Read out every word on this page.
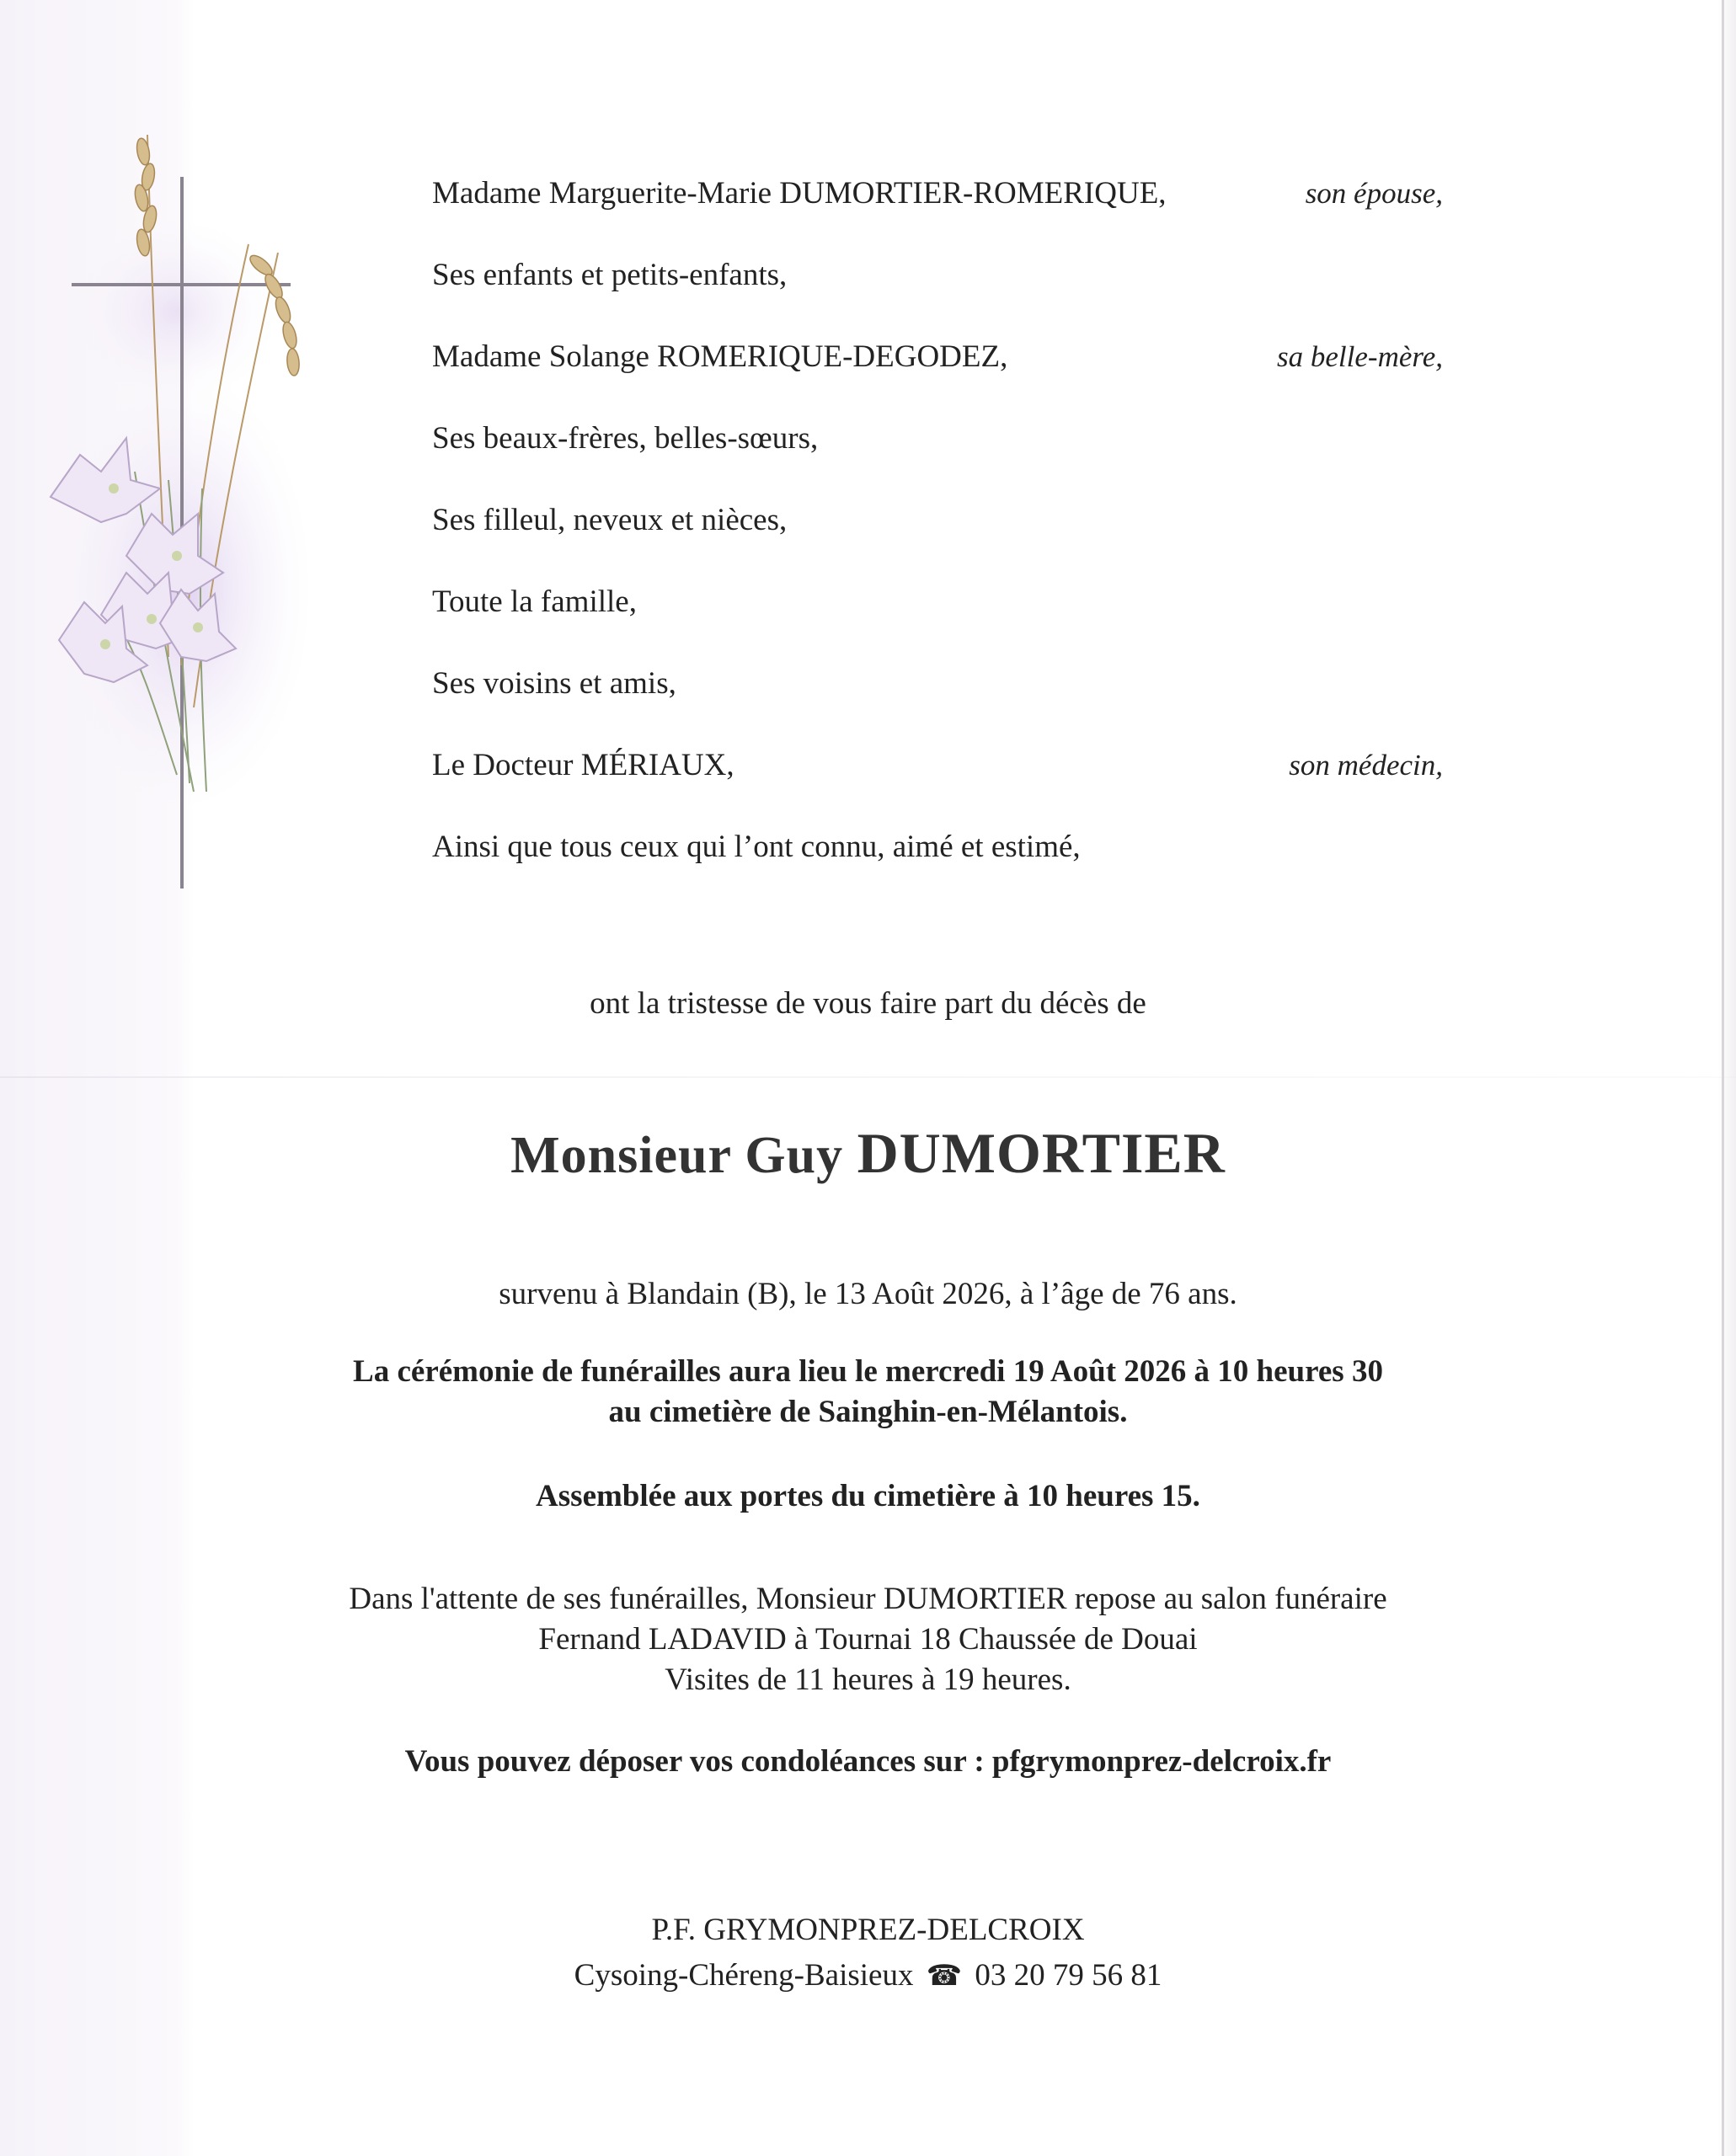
Madame Marguerite-Marie DUMORTIER-ROMERIQUE,	son épouse,
Ses enfants et petits-enfants,
Madame Solange ROMERIQUE-DEGODEZ,	sa belle-mère,
Ses beaux-frères, belles-sœurs,
Ses filleul, neveux et nièces,
Toute la famille,
Ses voisins et amis,
Le Docteur MÉRIAUX,	son médecin,
Ainsi que tous ceux qui l’ont connu, aimé et estimé,
ont la tristesse de vous faire part du décès de
Monsieur Guy DUMORTIER
survenu à Blandain (B), le 13 Août 2026, à l’âge de 76 ans.
La cérémonie de funérailles aura lieu le mercredi 19 Août 2026 à 10 heures 30
au cimetière de Sainghin-en-Mélantois.
Assemblée aux portes du cimetière à 10 heures 15.
Dans l'attente de ses funérailles, Monsieur DUMORTIER repose au salon funéraire
Fernand LADAVID à Tournai 18 Chaussée de Douai
Visites de 11 heures à 19 heures.
Vous pouvez déposer vos condoléances sur : pfgrymonprez-delcroix.fr
P.F. GRYMONPREZ-DELCROIX
Cysoing-Chéreng-Baisieux ☎ 03 20 79 56 81
